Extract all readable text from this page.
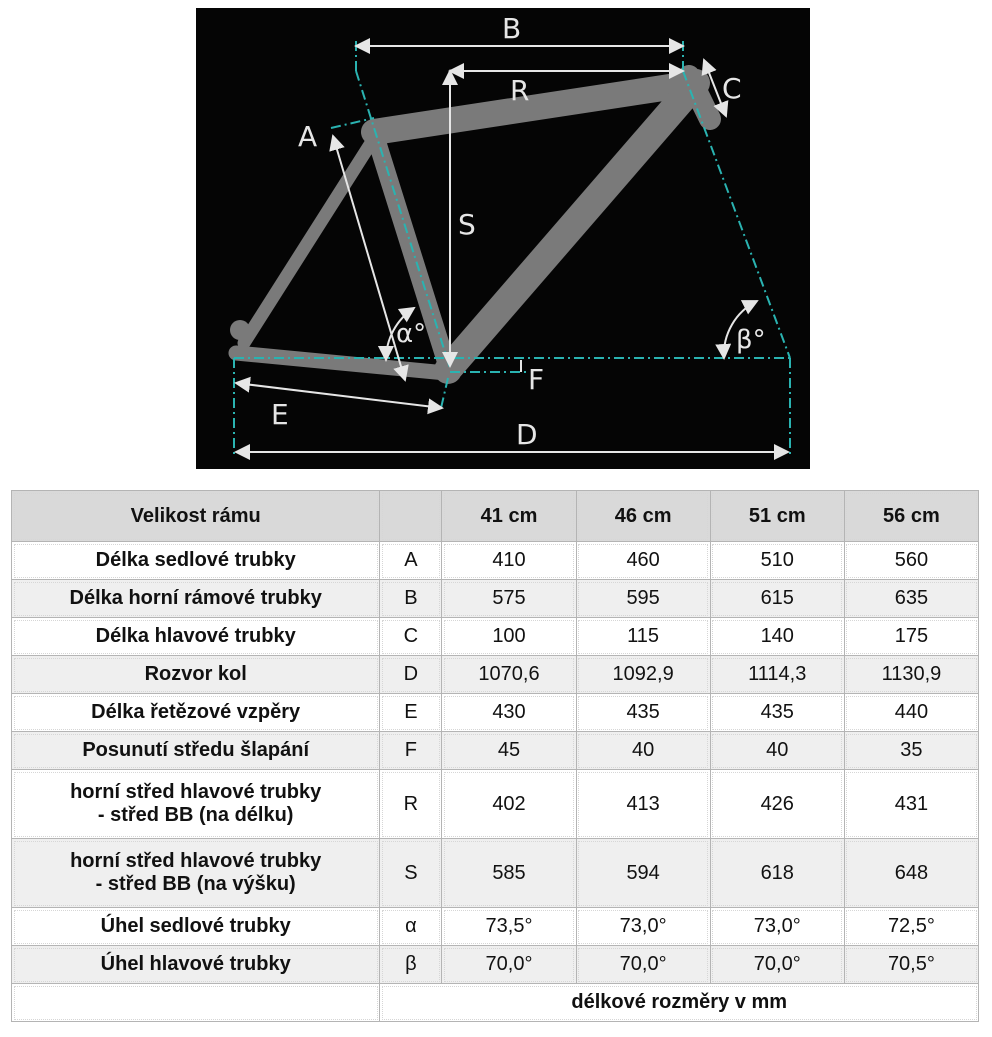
B
R	C
A
S
α°	β°
F
E
D
Velikost rámu		41 cm	46 cm	51 cm	56 cm

Délka sedlové trubky	A	410	460	510	560

Délka horní rámové trubky	B	575	595	615	635

Délka hlavové trubky	C	100	115	140	175

Rozvor kol	D	1070,6	1092,9	1114,3	1130,9

Délka řetězové vzpěry	E	430	435	435	440

Posunutí středu šlapání	F	45	40	40	35

horní střed hlavové trubky
- střed BB (na délku)	R	402	413	426	431

horní střed hlavové trubky
- střed BB (na výšku)	S	585	594	618	648

Úhel sedlové trubky	α	73,5°	73,0°	73,0°	72,5°

Úhel hlavové trubky	β	70,0°	70,0°	70,0°	70,5°
	délkové rozměry v mm				
